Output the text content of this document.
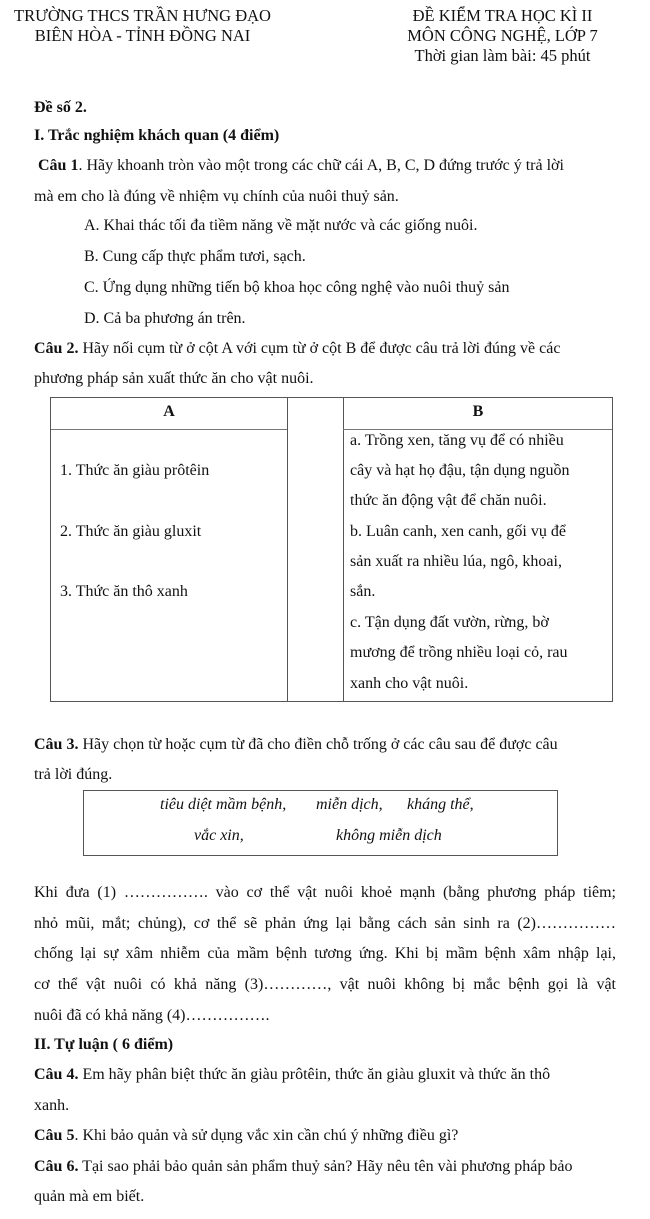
TRƯỜNG THCS TRẦN HƯNG ĐẠO
BIÊN HÒA - TỈNH ĐỒNG NAI
ĐỀ KIỂM TRA HỌC KÌ II
MÔN CÔNG NGHỆ, LỚP 7
Thời gian làm bài: 45 phút
Đề số 2.
I. Trắc nghiệm khách quan (4 điểm)
Câu 1. Hãy khoanh tròn vào một trong các chữ cái A, B, C, D đứng trước ý trả lời
mà em cho là đúng về nhiệm vụ chính của nuôi thuỷ sản.
A. Khai thác tối đa tiềm năng về mặt nước và các giống nuôi.
B. Cung cấp thực phẩm tươi, sạch.
C. Ứng dụng những tiến bộ khoa học công nghệ vào nuôi thuỷ sản
D. Cả ba phương án trên.
Câu 2. Hãy nối cụm từ ở cột A với cụm từ ở cột B để được câu trả lời đúng về các
phương pháp sản xuất thức ăn cho vật nuôi.
A	B
1. Thức ăn giàu prôtêin
2. Thức ăn giàu gluxit
3. Thức ăn thô xanh
a. Trồng xen, tăng vụ để có nhiều
cây và hạt họ đậu, tận dụng nguồn
thức ăn động vật để chăn nuôi.
b. Luân canh, xen canh, gối vụ để
sản xuất ra nhiều lúa, ngô, khoai,
sắn.
c. Tận dụng đất vườn, rừng, bờ
mương để trồng nhiều loại cỏ, rau
xanh cho vật nuôi.
Câu 3. Hãy chọn từ hoặc cụm từ đã cho điền chỗ trống ở các câu sau để được câu
trả lời đúng.
tiêu diệt mầm bệnh, miễn dịch, kháng thể,
vắc xin,	không miễn dịch
Khi đưa (1) ……………. vào cơ thể vật nuôi khoẻ mạnh (bằng phương pháp tiêm;
nhỏ mũi, mắt; chủng), cơ thể sẽ phản ứng lại bằng cách sản sinh ra (2)……………
chống lại sự xâm nhiễm của mầm bệnh tương ứng. Khi bị mầm bệnh xâm nhập lại,
cơ thể vật nuôi có khả năng (3)…………, vật nuôi không bị mắc bệnh gọi là vật
nuôi đã có khả năng (4)…………….
II. Tự luận ( 6 điểm)
Câu 4. Em hãy phân biệt thức ăn giàu prôtêin, thức ăn giàu gluxit và thức ăn thô
xanh.
Câu 5. Khi bảo quản và sử dụng vắc xin cần chú ý những điều gì?
Câu 6. Tại sao phải bảo quản sản phẩm thuỷ sản? Hãy nêu tên vài phương pháp bảo
quản mà em biết.
